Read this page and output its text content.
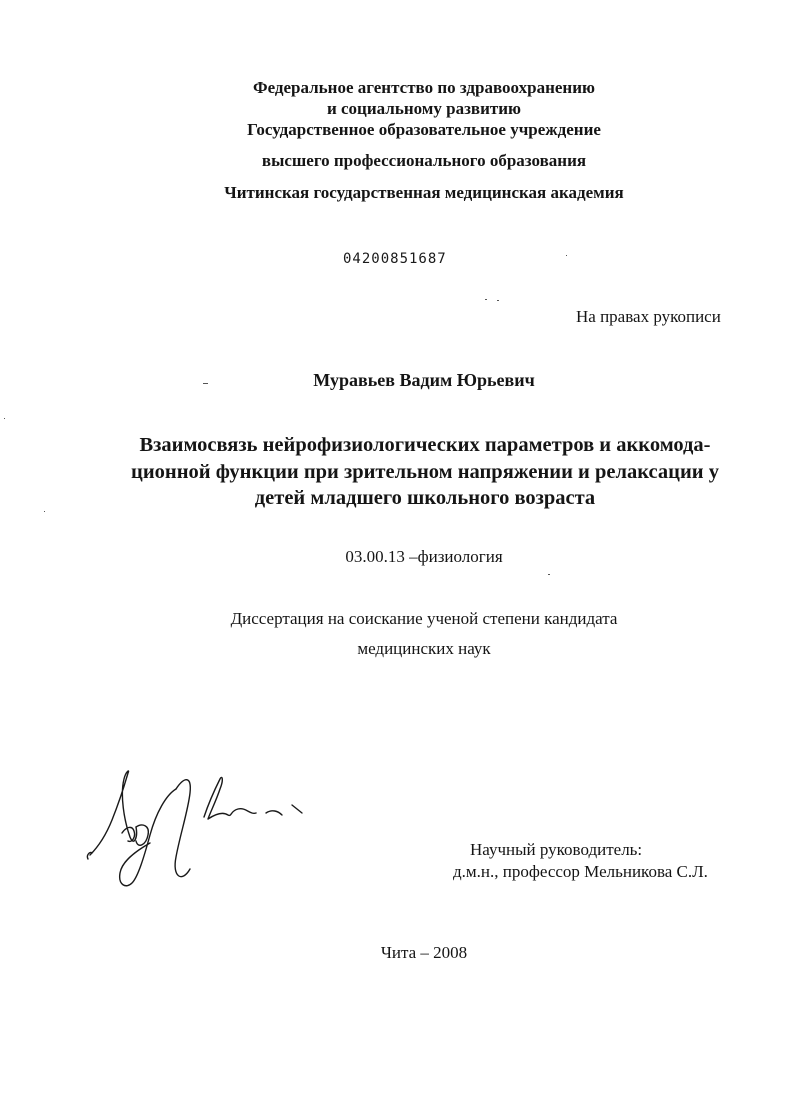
Федеральное агентство по здравоохранению
и социальному развитию
Государственное образовательное учреждение
высшего профессионального образования
Читинская государственная медицинская академия
04200851687
На правах рукописи
Муравьев Вадим Юрьевич
Взаимосвязь нейрофизиологических параметров и аккомода-
ционной функции при зрительном напряжении и релаксации у
детей младшего школьного возраста
03.00.13 –физиология
Диссертация на соискание ученой степени кандидата
медицинских наук
Научный руководитель:
д.м.н., профессор Мельникова С.Л.
Чита – 2008
